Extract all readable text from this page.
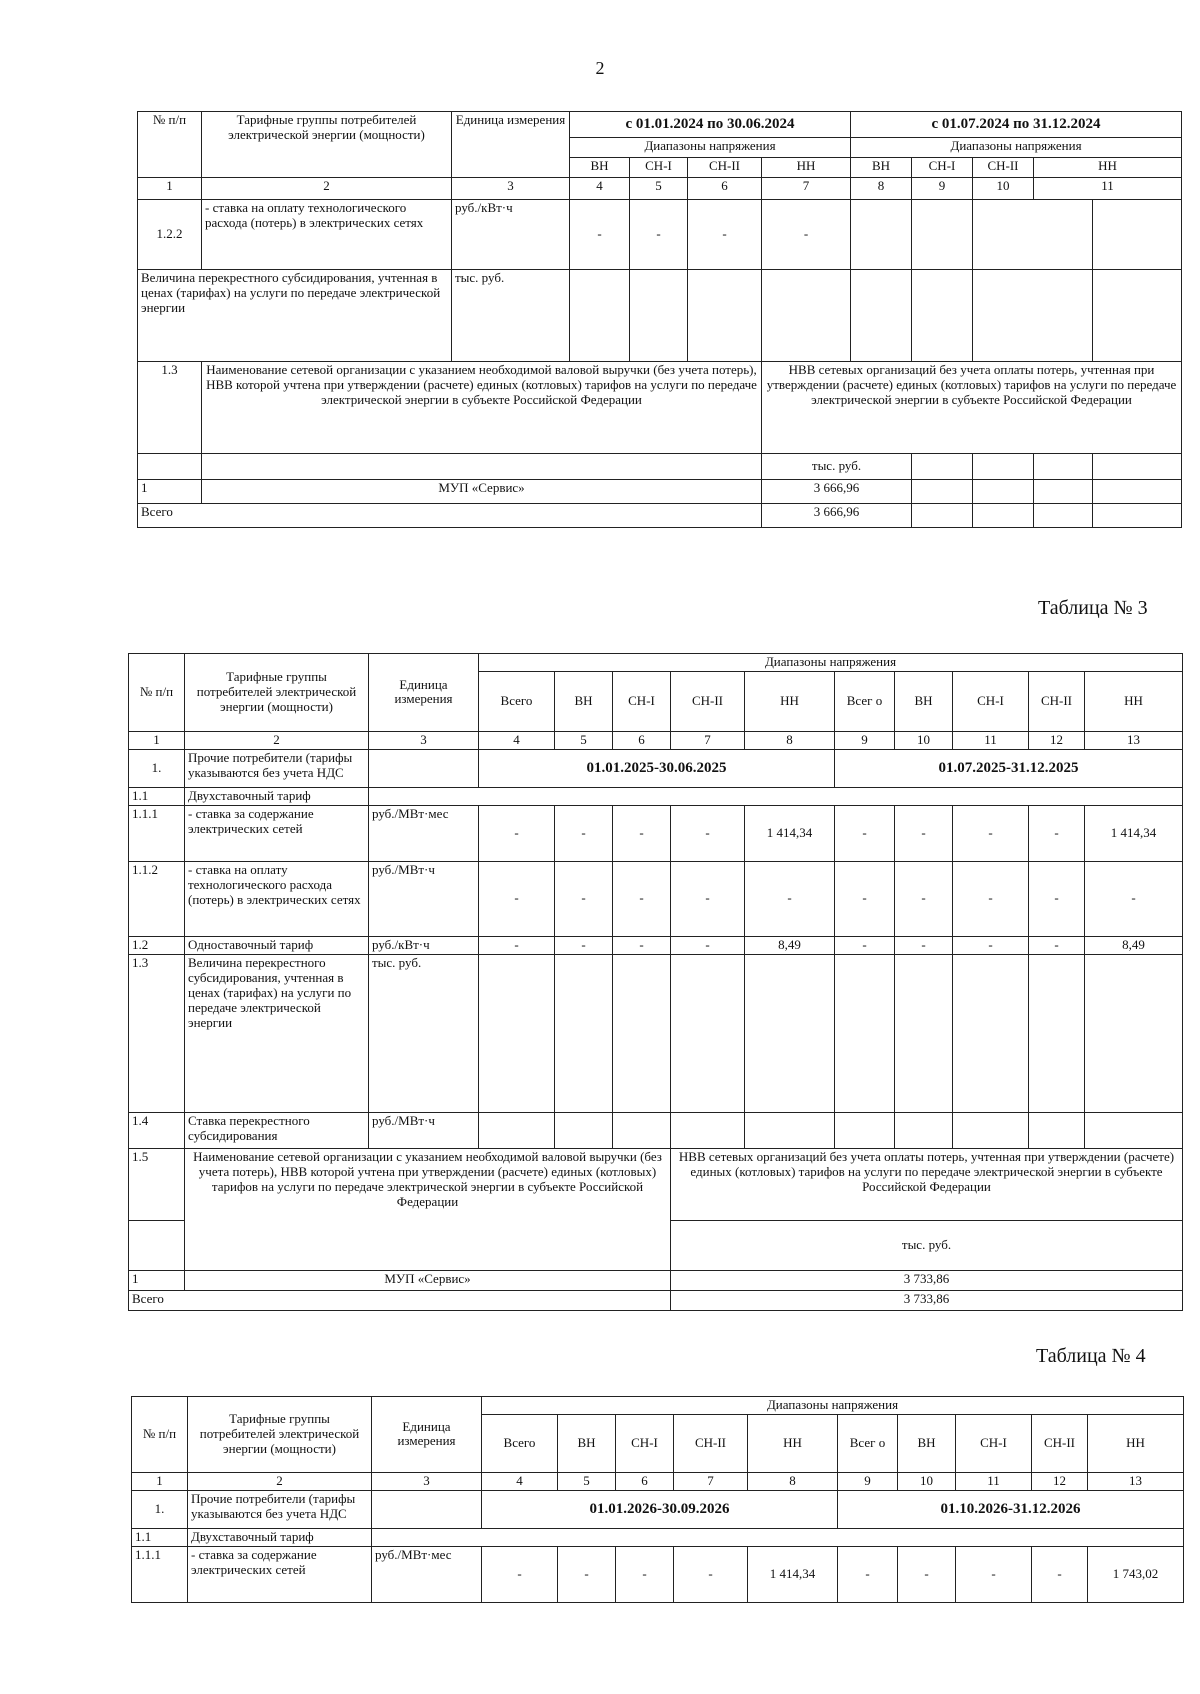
2
№ п/п	Тарифные группы потребителей электрической энергии (мощности)	Единица измерения	с 01.01.2024 по 30.06.2024				с 01.07.2024 по 31.12.2024				
			Диапазоны напряжения				Диапазоны напряжения				
			ВН	СН-I	СН-II	НН	ВН	СН-I	СН-II	НН	
1	2	3	4	5	6	7	8	9	10	11	
1.2.2	- ставка на оплату технологического расхода (потерь) в электрических сетях	руб./кВт·ч	-	-	-	-					
Величина перекрестного субсидирования, учтенная в ценах (тарифах) на услуги по передаче электрической энергии		тыс. руб.									
1.3	Наименование сетевой организации с указанием необходимой валовой выручки (без учета потерь), НВВ которой учтена при утверждении (расчете) единых (котловых) тарифов на услуги по передаче электрической энергии в субъекте Российской Федерации					НВВ сетевых организаций без учета оплаты потерь, учтенная при утверждении (расчете) единых (котловых) тарифов на услуги по передаче электрической энергии в субъекте Российской Федерации					
						тыс. руб.					
1	МУП «Сервис»					3 666,96					
Всего						3 666,96					
Таблица № 3
№ п/п	Тарифные группы потребителей электрической энергии (мощности)	Единица измерения	Диапазоны напряжения									
			Всего	ВН	СН-I	СН-II	НН	Всег о	ВН	СН-I	СН-II	НН
1	2	3	4	5	6	7	8	9	10	11	12	13
1.	Прочие потребители (тарифы указываются без учета НДС		01.01.2025-30.06.2025					01.07.2025-31.12.2025				
1.1	Двухставочный тариф											
1.1.1	- ставка за содержание электрических сетей	руб./МВт·мес	-	-	-	-	1 414,34	-	-	-	-	1 414,34
1.1.2	- ставка на оплату технологического расхода (потерь) в электрических сетях	руб./МВт·ч	-	-	-	-	-	-	-	-	-	-
1.2	Одноставочный тариф	руб./кВт·ч	-	-	-	-	8,49	-	-	-	-	8,49
1.3	Величина перекрестного субсидирования, учтенная в ценах (тарифах) на услуги по передаче электрической энергии	тыс. руб.										
1.4	Ставка перекрестного субсидирования	руб./МВт·ч										
1.5	Наименование сетевой организации с указанием необходимой валовой выручки (без учета потерь), НВВ которой учтена при утверждении (расчете) единых (котловых) тарифов на услуги по передаче электрической энергии в субъекте Российской Федерации					НВВ сетевых организаций без учета оплаты потерь, учтенная при утверждении (расчете) единых (котловых) тарифов на услуги по передаче электрической энергии в субъекте Российской Федерации						
						тыс. руб.						
1	МУП «Сервис»					3 733,86						
Всего						3 733,86						
Таблица № 4
№ п/п	Тарифные группы потребителей электрической энергии (мощности)	Единица измерения	Диапазоны напряжения									
			Всего	ВН	СН-I	СН-II	НН	Всег о	ВН	СН-I	СН-II	НН
1	2	3	4	5	6	7	8	9	10	11	12	13
1.	Прочие потребители (тарифы указываются без учета НДС		01.01.2026-30.09.2026					01.10.2026-31.12.2026				
1.1	Двухставочный тариф											
1.1.1	- ставка за содержание электрических сетей	руб./МВт·мес	-	-	-	-	1 414,34	-	-	-	-	1 743,02
